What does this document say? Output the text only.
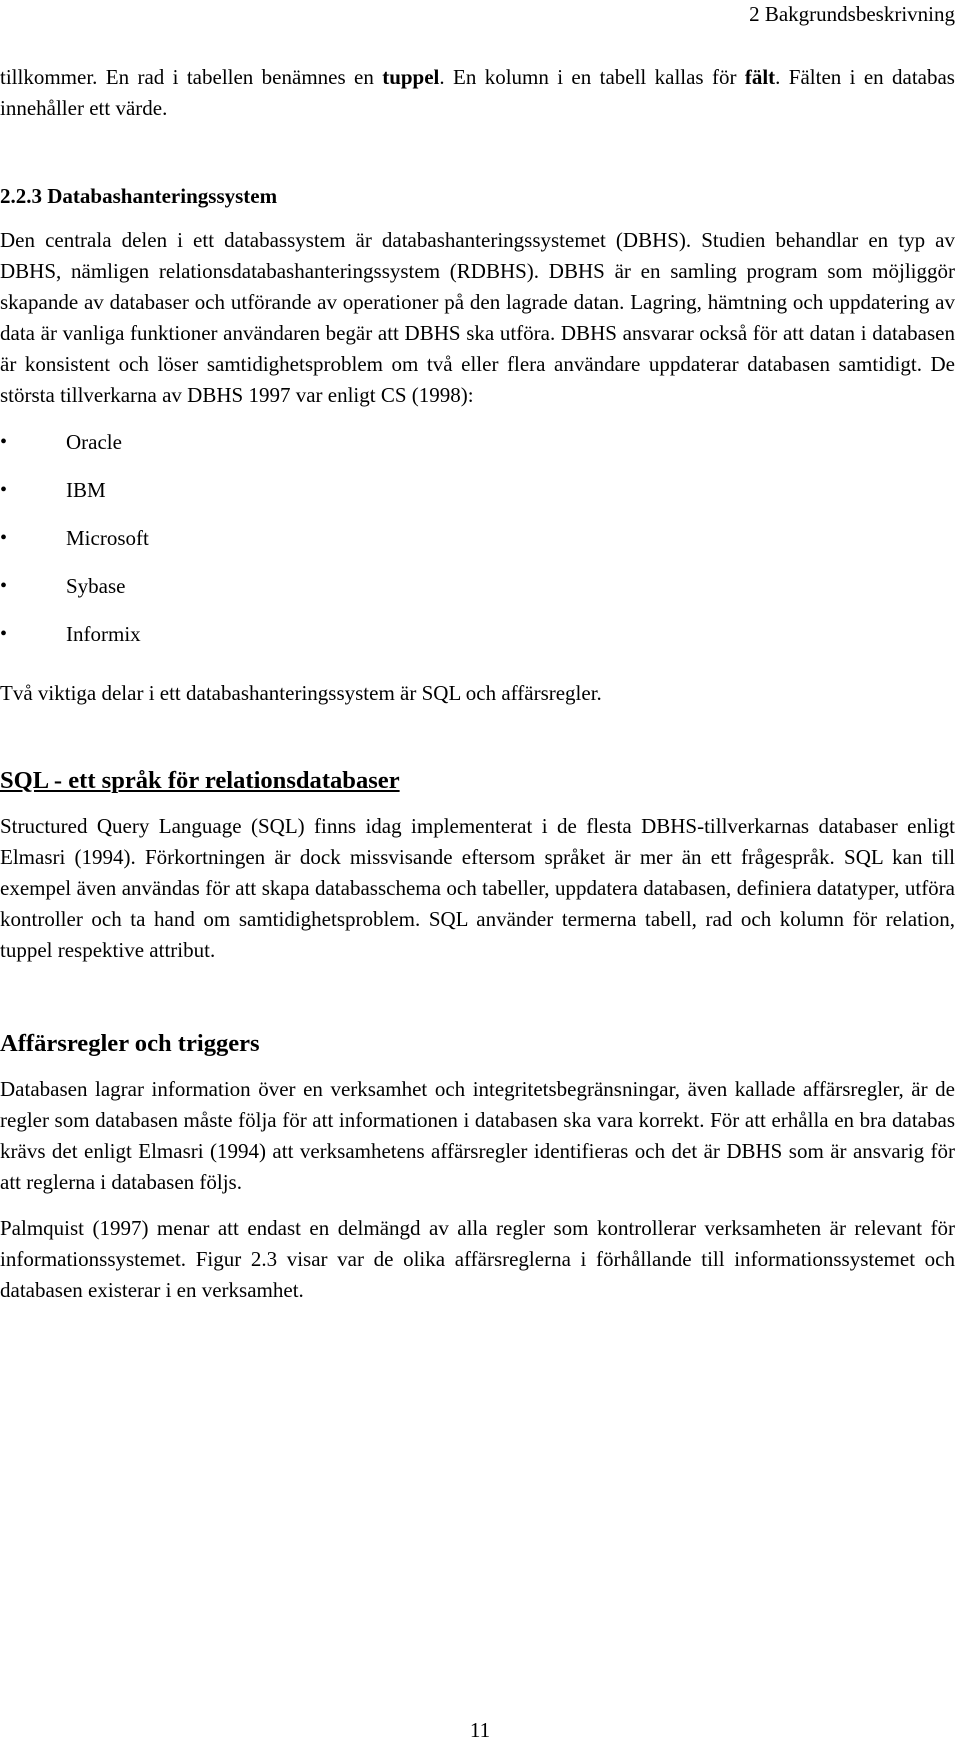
2 Bakgrundsbeskrivning

tillkommer. En rad i tabellen benämnes en tuppel. En kolumn i en tabell kallas för fält. Fälten i en databas innehåller ett värde.

2.2.3 Databashanteringssystem

Den centrala delen i ett databassystem är databashanteringssystemet (DBHS). Studien behandlar en typ av DBHS, nämligen relationsdatabashanteringssystem (RDBHS). DBHS är en samling program som möjliggör skapande av databaser och utförande av operationer på den lagrade datan. Lagring, hämtning och uppdatering av data är vanliga funktioner användaren begär att DBHS ska utföra. DBHS ansvarar också för att datan i databasen är konsistent och löser samtidighetsproblem om två eller flera användare uppdaterar databasen samtidigt. De största tillverkarna av DBHS 1997 var enligt CS (1998):

•	Oracle
•	IBM
•	Microsoft
•	Sybase
•	Informix

Två viktiga delar i ett databashanteringssystem är SQL och affärsregler.

SQL - ett språk för relationsdatabaser

Structured Query Language (SQL) finns idag implementerat i de flesta DBHS-tillverkarnas databaser enligt Elmasri (1994). Förkortningen är dock missvisande eftersom språket är mer än ett frågespråk. SQL kan till exempel även användas för att skapa databasschema och tabeller, uppdatera databasen, definiera datatyper, utföra kontroller och ta hand om samtidighetsproblem. SQL använder termerna tabell, rad och kolumn för relation, tuppel respektive attribut.

Affärsregler och triggers

Databasen lagrar information över en verksamhet och integritetsbegränsningar, även kallade affärsregler, är de regler som databasen måste följa för att informationen i databasen ska vara korrekt. För att erhålla en bra databas krävs det enligt Elmasri (1994) att verksamhetens affärsregler identifieras och det är DBHS som är ansvarig för att reglerna i databasen följs.

Palmquist (1997) menar att endast en delmängd av alla regler som kontrollerar verksamheten är relevant för informationssystemet. Figur 2.3 visar var de olika affärsreglerna i förhållande till informationssystemet och databasen existerar i en verksamhet.

11
